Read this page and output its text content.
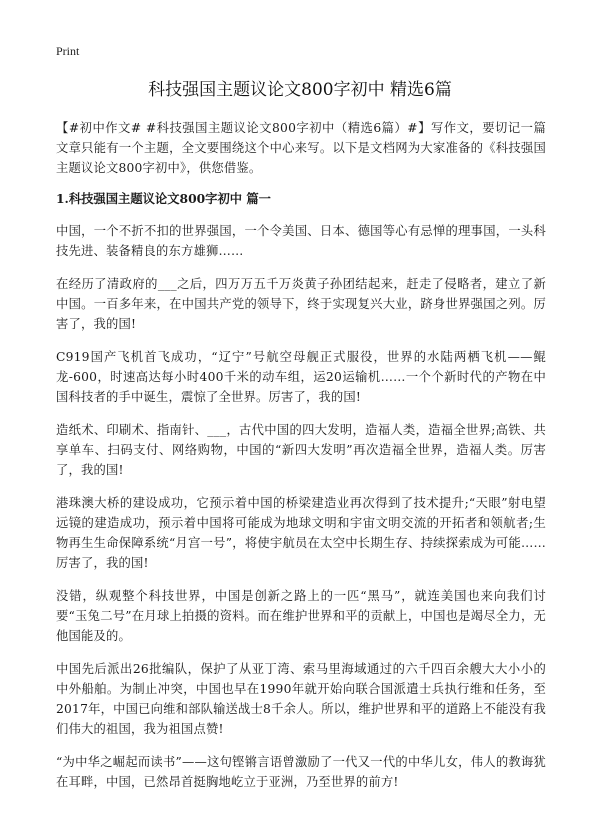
Print
科技强国主题议论文800字初中 精选6篇

【#初中作文# #科技强国主题议论文800字初中（精选6篇）#】写作文，要切记一篇文章只能有一个主题，全文要围绕这个中心来写。以下是文档网为大家准备的《科技强国主题议论文800字初中》，供您借鉴。

1.科技强国主题议论文800字初中 篇一

中国，一个不折不扣的世界强国，一个令美国、日本、德国等心有忌惮的理事国，一头科技先进、装备精良的东方雄狮……

在经历了清政府的___之后，四万万五千万炎黄子孙团结起来，赶走了侵略者，建立了新中国。一百多年来，在中国共产党的领导下，终于实现复兴大业，跻身世界强国之列。厉害了，我的国!

C919国产飞机首飞成功，“辽宁”号航空母舰正式服役，世界的水陆两栖飞机——鲲龙-600，时速高达每小时400千米的动车组，运20运输机……一个个新时代的产物在中国科技者的手中诞生，震惊了全世界。厉害了，我的国!

造纸术、印刷术、指南针、___，古代中国的四大发明，造福人类，造福全世界;高铁、共享单车、扫码支付、网络购物，中国的“新四大发明”再次造福全世界，造福人类。厉害了，我的国!

港珠澳大桥的建设成功，它预示着中国的桥梁建造业再次得到了技术提升;“天眼”射电望远镜的建造成功，预示着中国将可能成为地球文明和宇宙文明交流的开拓者和领航者;生物再生生命保障系统“月宫一号”，将使宇航员在太空中长期生存、持续探索成为可能……厉害了，我的国!

没错，纵观整个科技世界，中国是创新之路上的一匹“黑马”，就连美国也来向我们讨要“玉兔二号”在月球上拍摄的资料。而在维护世界和平的贡献上，中国也是竭尽全力，无他国能及的。

中国先后派出26批编队，保护了从亚丁湾、索马里海域通过的六千四百余艘大大小小的中外船舶。为制止冲突，中国也早在1990年就开始向联合国派遣士兵执行维和任务，至2017年，中国已向维和部队输送战士8千余人。所以，维护世界和平的道路上不能没有我们伟大的祖国，我为祖国点赞!

“为中华之崛起而读书”——这句铿锵言语曾激励了一代又一代的中华儿女，伟人的教诲犹在耳畔，中国，已然昂首挺胸地屹立于亚洲，乃至世界的前方!
